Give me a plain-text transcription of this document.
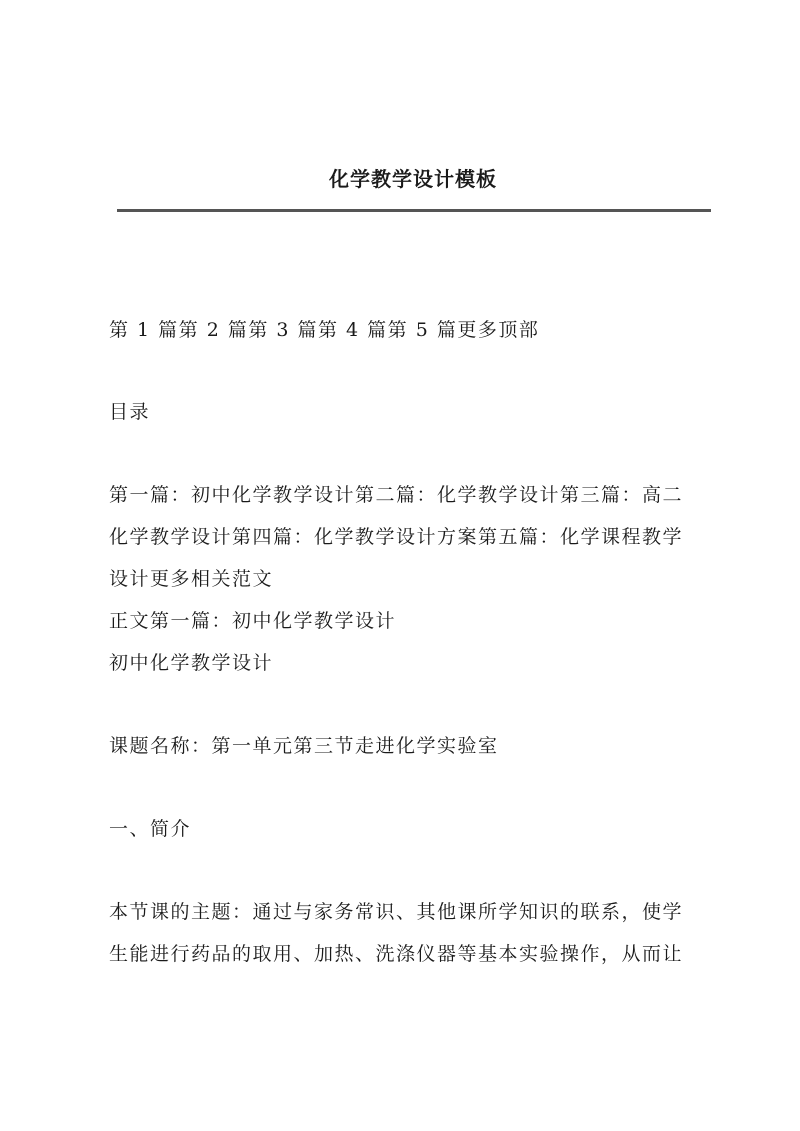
化学教学设计模板

第 1 篇第 2 篇第 3 篇第 4 篇第 5 篇更多顶部

目录

第一篇：初中化学教学设计第二篇：化学教学设计第三篇：高二
化学教学设计第四篇：化学教学设计方案第五篇：化学课程教学
设计更多相关范文

正文第一篇：初中化学教学设计

初中化学教学设计

课题名称：第一单元第三节走进化学实验室

一、简介

本节课的主题：通过与家务常识、其他课所学知识的联系，使学
生能进行药品的取用、加热、洗涤仪器等基本实验操作，从而让
